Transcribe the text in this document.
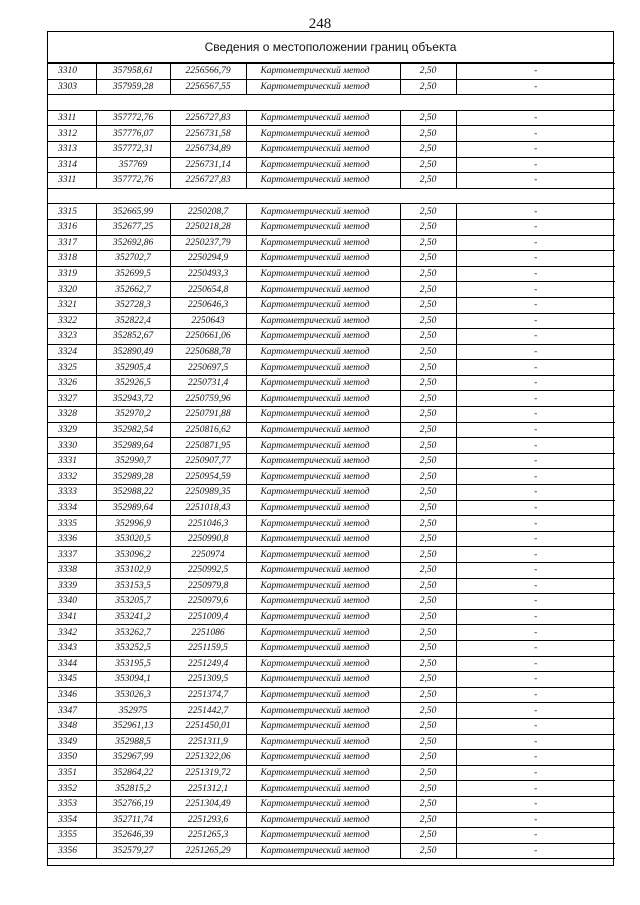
248
Сведения о местоположении границ объекта
3310	357958,61	2256566,79	Картометрический метод	2,50	-
3303	357959,28	2256567,55	Картометрический метод	2,50	-

3311	357772,76	2256727,83	Картометрический метод	2,50	-
3312	357776,07	2256731,58	Картометрический метод	2,50	-
3313	357772,31	2256734,89	Картометрический метод	2,50	-
3314	357769	2256731,14	Картометрический метод	2,50	-
3311	357772,76	2256727,83	Картометрический метод	2,50	-

3315	352665,99	2250208,7	Картометрический метод	2,50	-
3316	352677,25	2250218,28	Картометрический метод	2,50	-
3317	352692,86	2250237,79	Картометрический метод	2,50	-
3318	352702,7	2250294,9	Картометрический метод	2,50	-
3319	352699,5	2250493,3	Картометрический метод	2,50	-
3320	352662,7	2250654,8	Картометрический метод	2,50	-
3321	352728,3	2250646,3	Картометрический метод	2,50	-
3322	352822,4	2250643	Картометрический метод	2,50	-
3323	352852,67	2250661,06	Картометрический метод	2,50	-
3324	352890,49	2250688,78	Картометрический метод	2,50	-
3325	352905,4	2250697,5	Картометрический метод	2,50	-
3326	352926,5	2250731,4	Картометрический метод	2,50	-
3327	352943,72	2250759,96	Картометрический метод	2,50	-
3328	352970,2	2250791,88	Картометрический метод	2,50	-
3329	352982,54	2250816,62	Картометрический метод	2,50	-
3330	352989,64	2250871,95	Картометрический метод	2,50	-
3331	352990,7	2250907,77	Картометрический метод	2,50	-
3332	352989,28	2250954,59	Картометрический метод	2,50	-
3333	352988,22	2250989,35	Картометрический метод	2,50	-
3334	352989,64	2251018,43	Картометрический метод	2,50	-
3335	352996,9	2251046,3	Картометрический метод	2,50	-
3336	353020,5	2250990,8	Картометрический метод	2,50	-
3337	353096,2	2250974	Картометрический метод	2,50	-
3338	353102,9	2250992,5	Картометрический метод	2,50	-
3339	353153,5	2250979,8	Картометрический метод	2,50	-
3340	353205,7	2250979,6	Картометрический метод	2,50	-
3341	353241,2	2251009,4	Картометрический метод	2,50	-
3342	353262,7	2251086	Картометрический метод	2,50	-
3343	353252,5	2251159,5	Картометрический метод	2,50	-
3344	353195,5	2251249,4	Картометрический метод	2,50	-
3345	353094,1	2251309,5	Картометрический метод	2,50	-
3346	353026,3	2251374,7	Картометрический метод	2,50	-
3347	352975	2251442,7	Картометрический метод	2,50	-
3348	352961,13	2251450,01	Картометрический метод	2,50	-
3349	352988,5	2251311,9	Картометрический метод	2,50	-
3350	352967,99	2251322,06	Картометрический метод	2,50	-
3351	352864,22	2251319,72	Картометрический метод	2,50	-
3352	352815,2	2251312,1	Картометрический метод	2,50	-
3353	352766,19	2251304,49	Картометрический метод	2,50	-
3354	352711,74	2251293,6	Картометрический метод	2,50	-
3355	352646,39	2251265,3	Картометрический метод	2,50	-
3356	352579,27	2251265,29	Картометрический метод	2,50	-
